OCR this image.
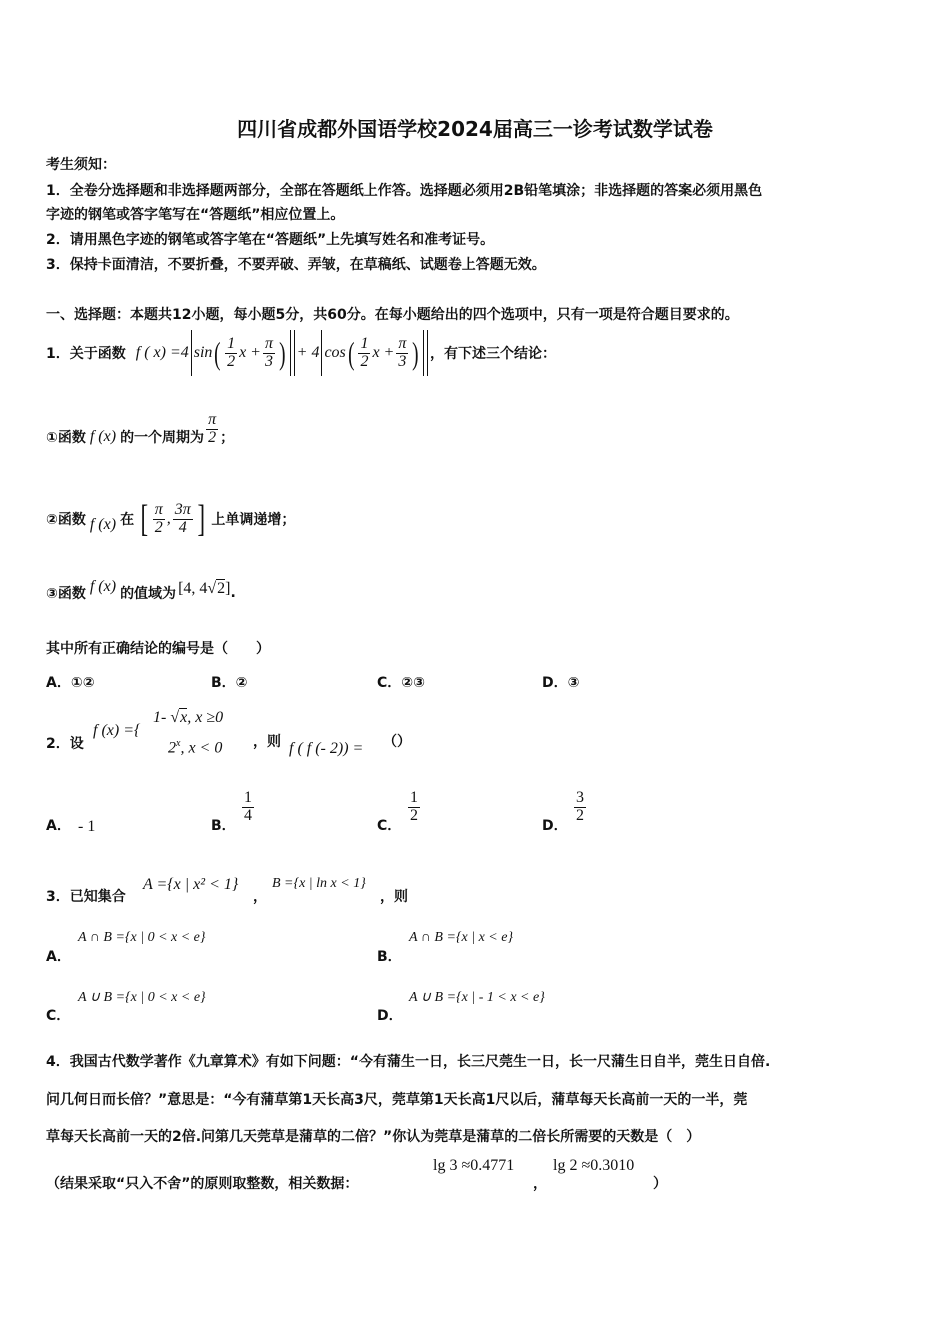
四川省成都外国语学校2024届高三一诊考试数学试卷
考生须知：
1．全卷分选择题和非选择题两部分，全部在答题纸上作答。选择题必须用2B铅笔填涂；非选择题的答案必须用黑色
字迹的钢笔或答字笔写在“答题纸”相应位置上。
2．请用黑色字迹的钢笔或答字笔在“答题纸”上先填写姓名和准考证号。
3．保持卡面清洁，不要折叠，不要弄破、弄皱，在草稿纸、试题卷上答题无效。
一、选择题：本题共12小题，每小题5分，共60分。在每小题给出的四个选项中，只有一项是符合题目要求的。
1．关于函数 f ( x) =4 sin ( $\frac{1}{2}$ $x + \frac{\pi}{3}$ ) + 4 cos ( $\frac{1}{2}$ $x + \frac{\pi}{3}$ ) ，有下述三个结论：
①函数 f (x) 的一个周期为 $\frac{\pi}{2}$ ；
②函数 f (x) 在 [ $\frac{\pi}{2}$ , $\frac{3\pi}{4}$ ] 上单调递增；
③函数 f (x) 的值域为 [4, 4√2] .
其中所有正确结论的编号是（　　）
A．①②	B．②	C．②③	D．③
2．设
f (x) ={
1- √x, x ≥0
2$^x$, x < 0 ，则 f ( f (- 2)) = （）
A． - 1	B．
$\frac{1}{4}$
C．
$\frac{1}{2}$
D．
$\frac{3}{2}$
3．已知集合
A ={x | x² < 1}
，
B ={x | ln x < 1}
，则
A．
A ∩ B ={x | 0 < x < e}
B．
A ∩ B ={x | x < e}
C．
A ∪ B ={x | 0 < x < e}
D．
A ∪ B ={x | - 1 < x < e}
4．我国古代数学著作《九章算术》有如下问题：“今有蒲生一日，长三尺莞生一日，长一尺蒲生日自半，莞生日自倍.
问几何日而长倍？”意思是：“今有蒲草第1天长高3尺，莞草第1天长高1尺以后，蒲草每天长高前一天的一半，莞
草每天长高前一天的2倍.问第几天莞草是蒲草的二倍？”你认为莞草是蒲草的二倍长所需要的天数是（　）
（结果采取“只入不舍”的原则取整数，相关数据：
lg 3 ≈0.4771
，
lg 2 ≈0.3010
）
